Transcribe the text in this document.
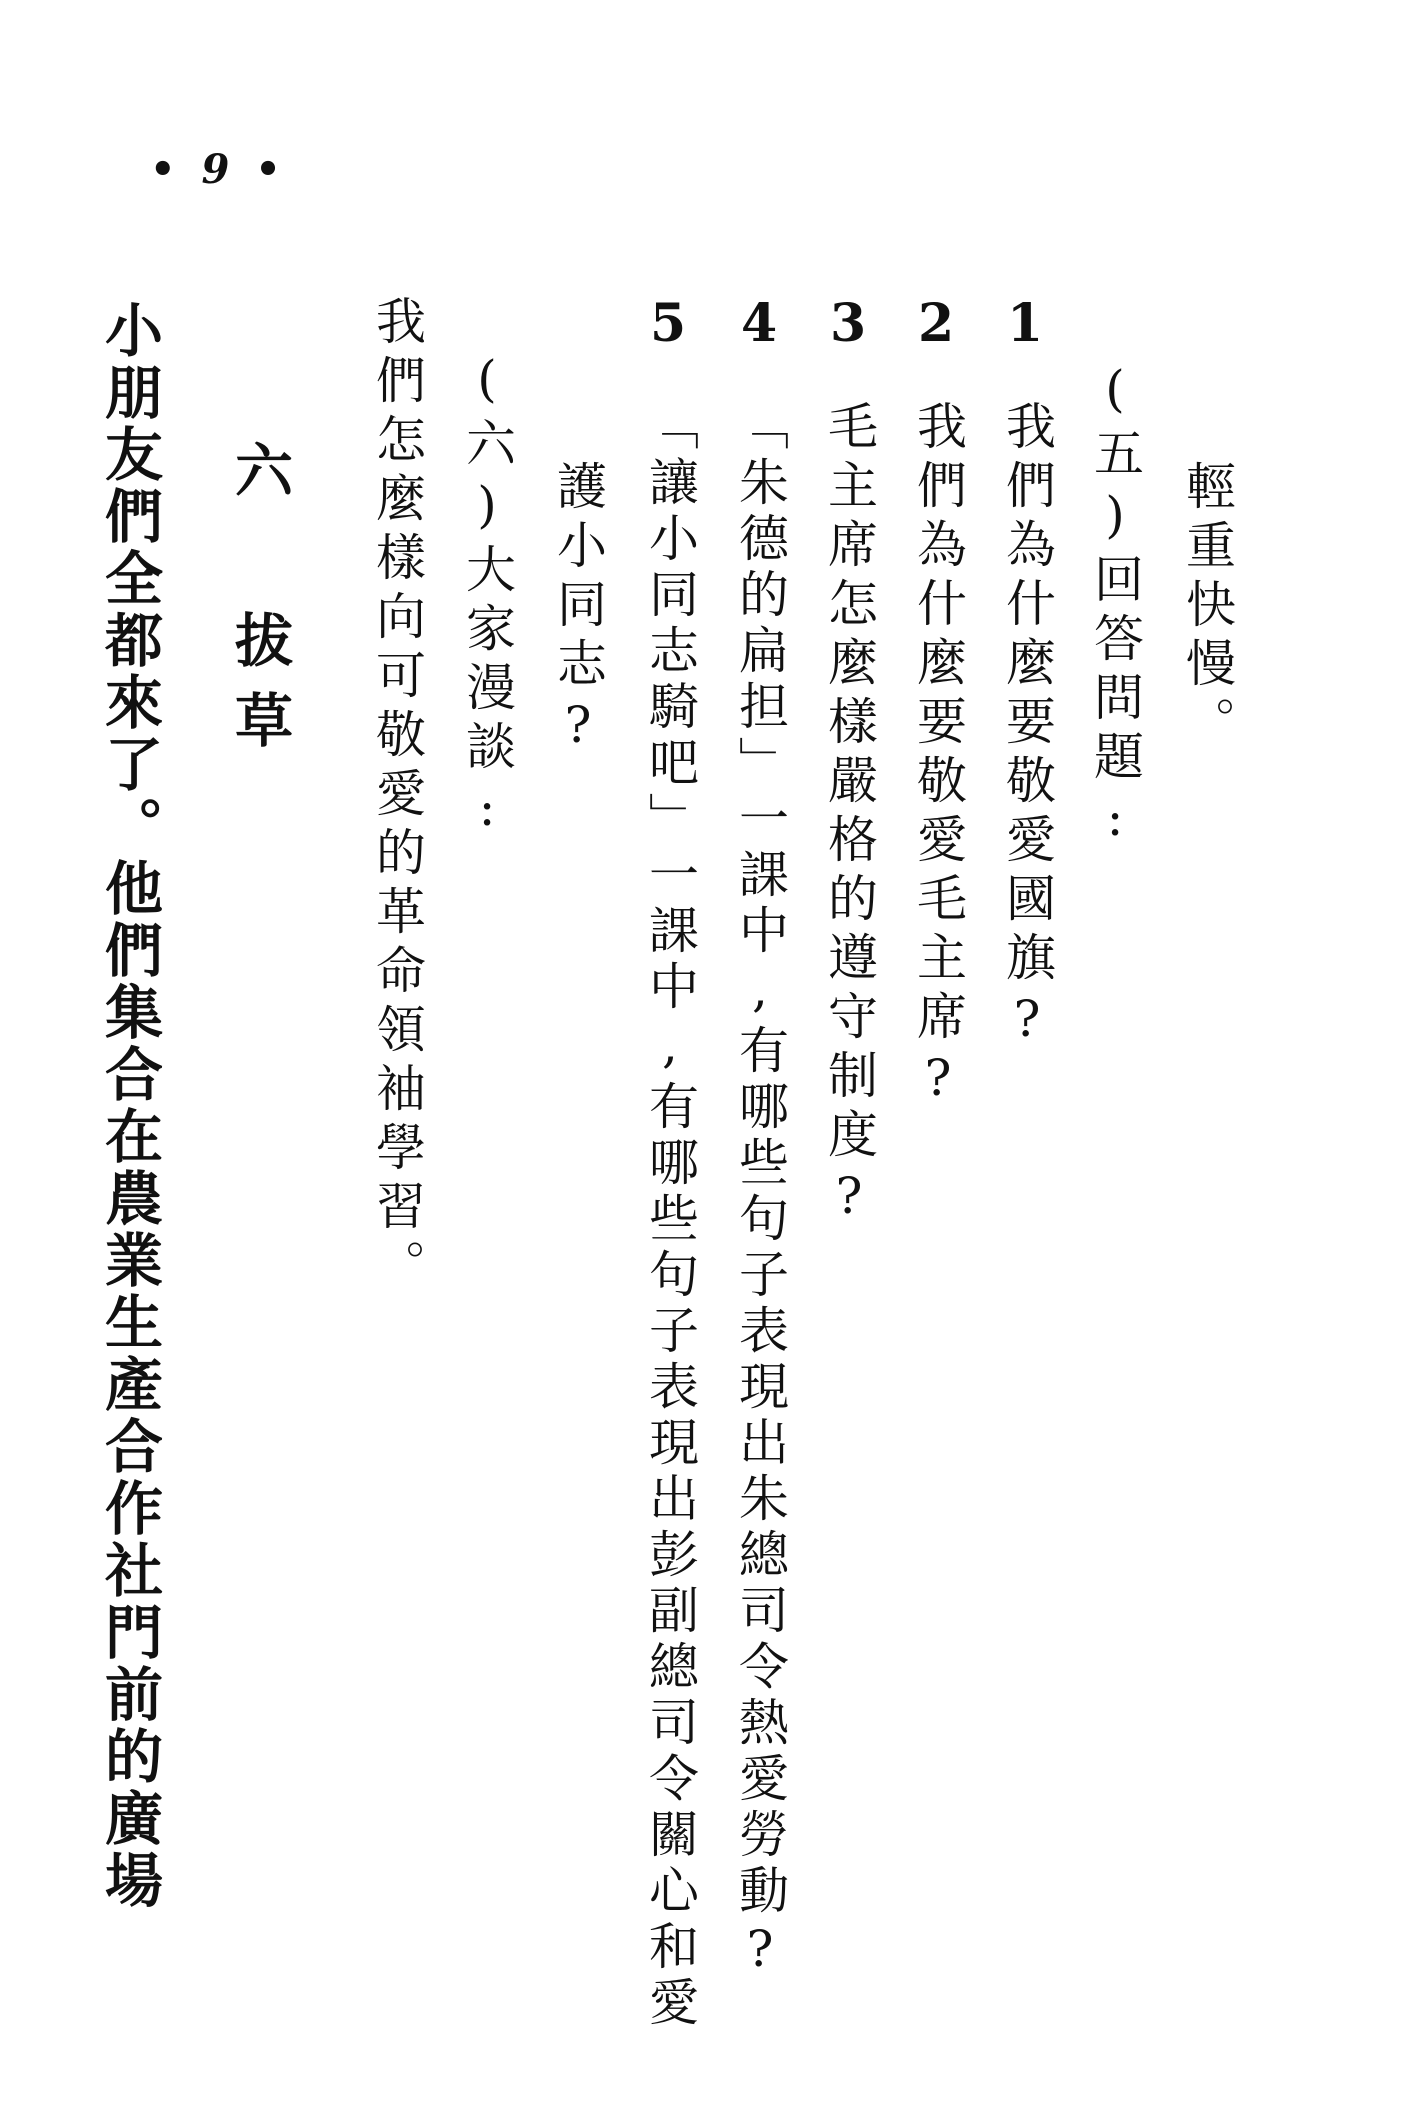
• 9 •
1
2
3
4
5
輕重快慢。
(五)回答問題:
我們為什麼要敬愛國旗?
我們為什麼要敬愛毛主席?
毛主席怎麼樣嚴格的遵守制度?
「朱德的扁担」一課中,有哪些句子表現出朱總司令熱愛勞動?
「讓小同志騎吧」一課中,有哪些句子表現出彭副總司令關心和愛
護小同志?
(六)大家漫談:
我們怎麼樣向可敬愛的革命領袖學習。
六 拔草
小朋友們全都來了。他們集合在農業生產合作社門前的廣場
